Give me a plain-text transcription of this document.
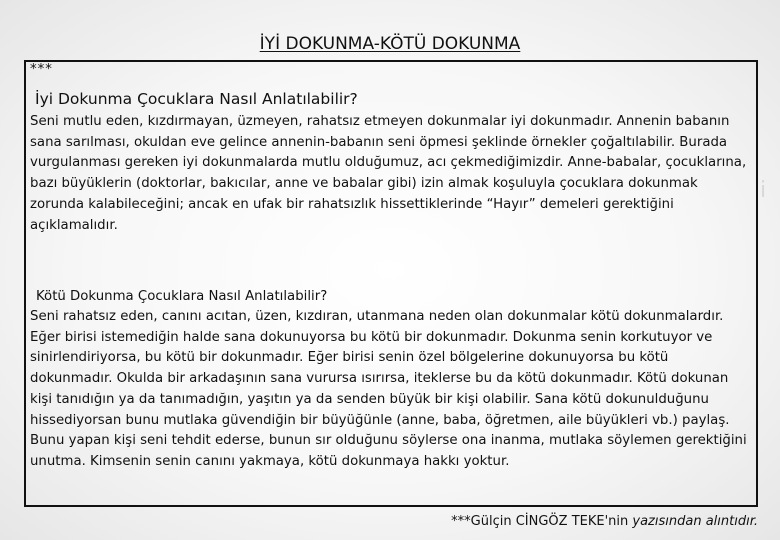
İYİ DOKUNMA-KÖTÜ DOKUNMA
***
İyi Dokunma Çocuklara Nasıl Anlatılabilir?

Seni mutlu eden, kızdırmayan, üzmeyen, rahatsız etmeyen dokunmalar iyi dokunmadır. Annenin babanın sana sarılması, okuldan eve gelince annenin-babanın seni öpmesi şeklinde örnekler çoğaltılabilir. Burada vurgulanması gereken iyi dokunmalarda mutlu olduğumuz, acı çekmediğimizdir. Anne-babalar, çocuklarına, bazı büyüklerin (doktorlar, bakıcılar, anne ve babalar gibi) izin almak koşuluyla çocuklara dokunmak zorunda kalabileceğini; ancak en ufak bir rahatsızlık hissettiklerinde “Hayır” demeleri gerektiğini açıklamalıdır.

Kötü Dokunma Çocuklara Nasıl Anlatılabilir?

Seni rahatsız eden, canını acıtan, üzen, kızdıran, utanmana neden olan dokunmalar kötü dokunmalardır. Eğer birisi istemediğin halde sana dokunuyorsa bu kötü bir dokunmadır. Dokunma senin korkutuyor ve sinirlendiriyorsa, bu kötü bir dokunmadır. Eğer birisi senin özel bölgelerine dokunuyorsa bu kötü dokunmadır. Okulda bir arkadaşının sana vurursa ısırırsa, iteklerse bu da kötü dokunmadır. Kötü dokunan kişi tanıdığın ya da tanımadığın, yaşıtın ya da senden büyük bir kişi olabilir. Sana kötü dokunulduğunu hissediyorsan bunu mutlaka güvendiğin bir büyüğünle (anne, baba, öğretmen, aile büyükleri vb.) paylaş. Bunu yapan kişi seni tehdit ederse, bunun sır olduğunu söylerse ona inanma, mutlaka söylemen gerektiğini unutma. Kimsenin senin canını yakmaya, kötü dokunmaya hakkı yoktur.

***Gülçin CİNGÖZ TEKE'nin yazısından alıntıdır.
i
